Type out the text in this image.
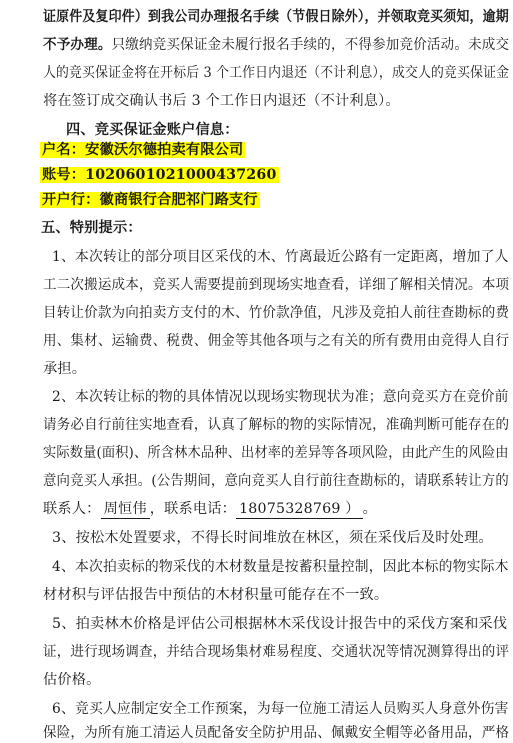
证原件及复印件）到我公司办理报名手续（节假日除外），并领取竞买须知，逾期
不予办理。只缴纳竞买保证金未履行报名手续的，不得参加竞价活动。未成交
人的竞买保证金将在开标后 3 个工作日内退还（不计利息），成交人的竞买保证金
将在签订成交确认书后 3 个工作日内退还（不计利息）。
四、竞买保证金账户信息：
户名：安徽沃尔德拍卖有限公司
账号：1020601021000437260
开户行：徽商银行合肥祁门路支行
五、特别提示：
1、本次转让的部分项目区采伐的木、竹离最近公路有一定距离，增加了人
工二次搬运成本，竞买人需要提前到现场实地查看，详细了解相关情况。本项
目转让价款为向拍卖方支付的木、竹价款净值，凡涉及竞拍人前往查勘标的费
用、集材、运输费、税费、佣金等其他各项与之有关的所有费用由竞得人自行
承担。
2、本次转让标的物的具体情况以现场实物现状为准；意向竞买方在竞价前
请务必自行前往实地查看，认真了解标的物的实际情况，准确判断可能存在的
实际数量(面积)、所含林木品种、出材率的差异等各项风险，由此产生的风险由
意向竞买人承担。(公告期间，意向竞买人自行前往查勘标的，请联系转让方的
联系人： 周恒伟 ，联系电话： 18075328769 ） 。
3、按松木处置要求，不得长时间堆放在林区，须在采伐后及时处理。
4、本次拍卖标的物采伐的木材数量是按蓄积量控制，因此本标的物实际木
材材积与评估报告中预估的木材积量可能存在不一致。
5、拍卖林木价格是评估公司根据林木采伐设计报告中的采伐方案和采伐
证，进行现场调查，并结合现场集材难易程度、交通状况等情况测算得出的评
估价格。
6、竞买人应制定安全工作预案，为每一位施工清运人员购买人身意外伤害
保险，为所有施工清运人员配备安全防护用品、佩戴安全帽等必备用品，严格
